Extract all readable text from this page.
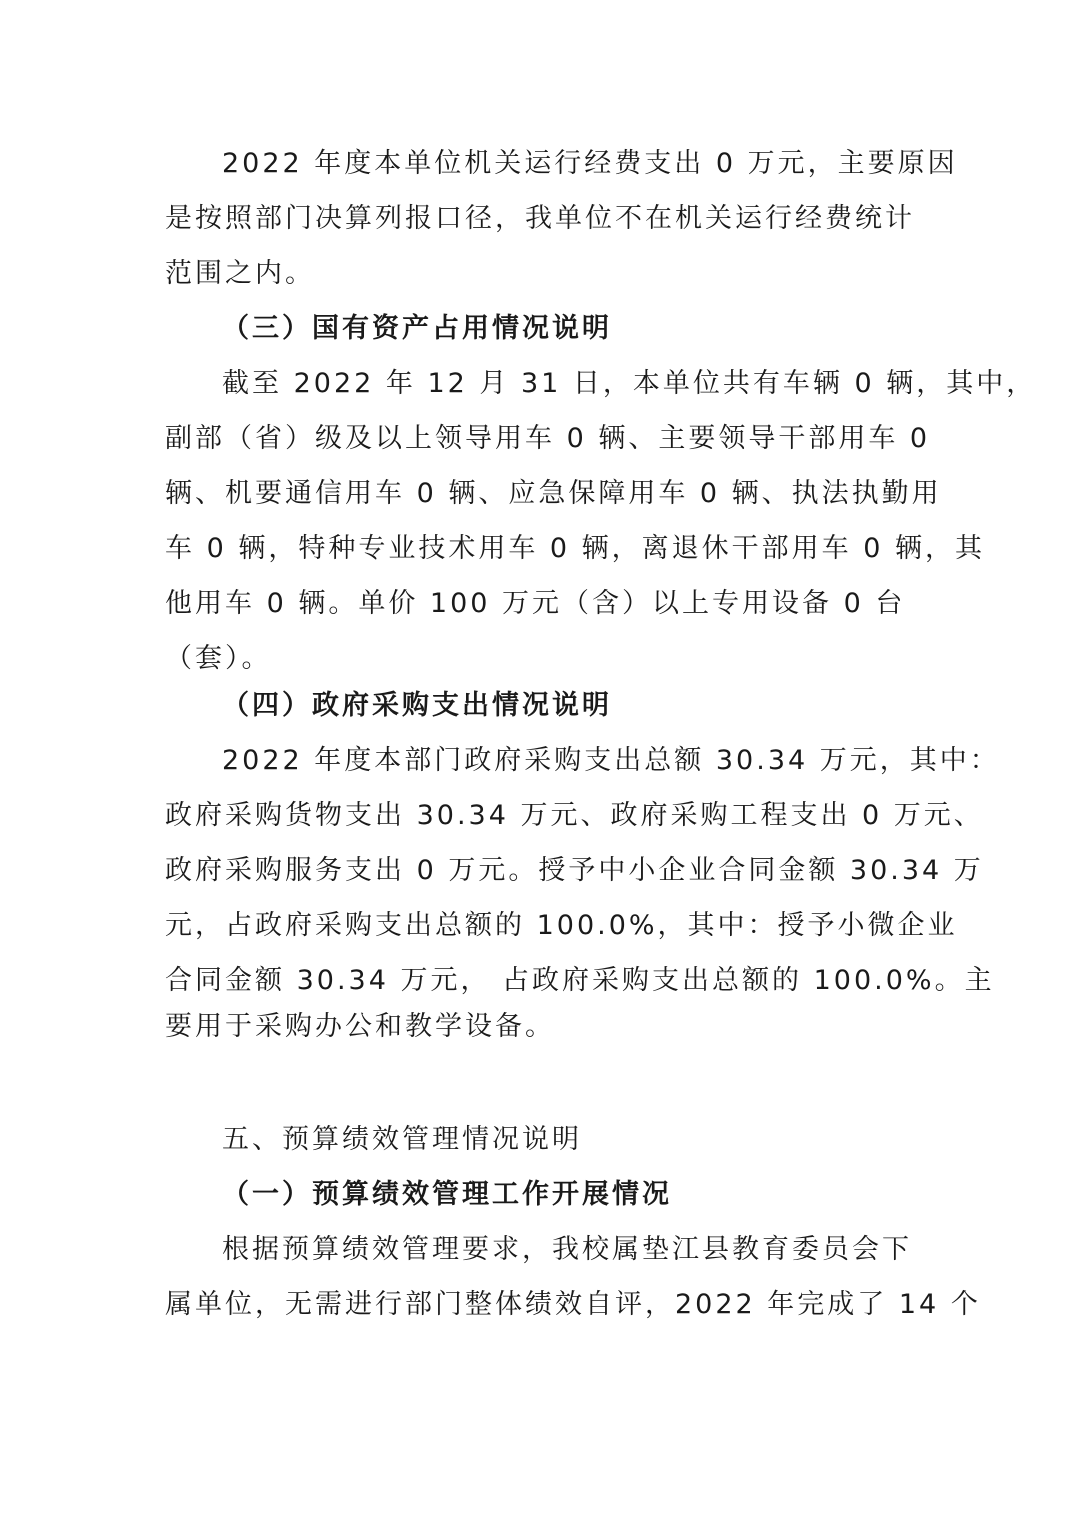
2022 年度本单位机关运行经费支出 0 万元，主要原因
是按照部门决算列报口径，我单位不在机关运行经费统计
范围之内。
（三）国有资产占用情况说明
截至 2022 年 12 月 31 日，本单位共有车辆 0 辆，其中，
副部（省）级及以上领导用车 0 辆、主要领导干部用车 0
辆、机要通信用车 0 辆、应急保障用车 0 辆、执法执勤用
车 0 辆，特种专业技术用车 0 辆，离退休干部用车 0 辆，其
他用车 0 辆。单价 100 万元（含）以上专用设备 0 台
（套）。
（四）政府采购支出情况说明
2022 年度本部门政府采购支出总额 30.34 万元，其中：
政府采购货物支出 30.34 万元、政府采购工程支出 0 万元、
政府采购服务支出 0 万元。授予中小企业合同金额 30.34 万
元，占政府采购支出总额的 100.0%，其中：授予小微企业
合同金额 30.34 万元， 占政府采购支出总额的 100.0%。主
要用于采购办公和教学设备。
五、预算绩效管理情况说明
（一）预算绩效管理工作开展情况
根据预算绩效管理要求，我校属垫江县教育委员会下
属单位，无需进行部门整体绩效自评，2022 年完成了 14 个
